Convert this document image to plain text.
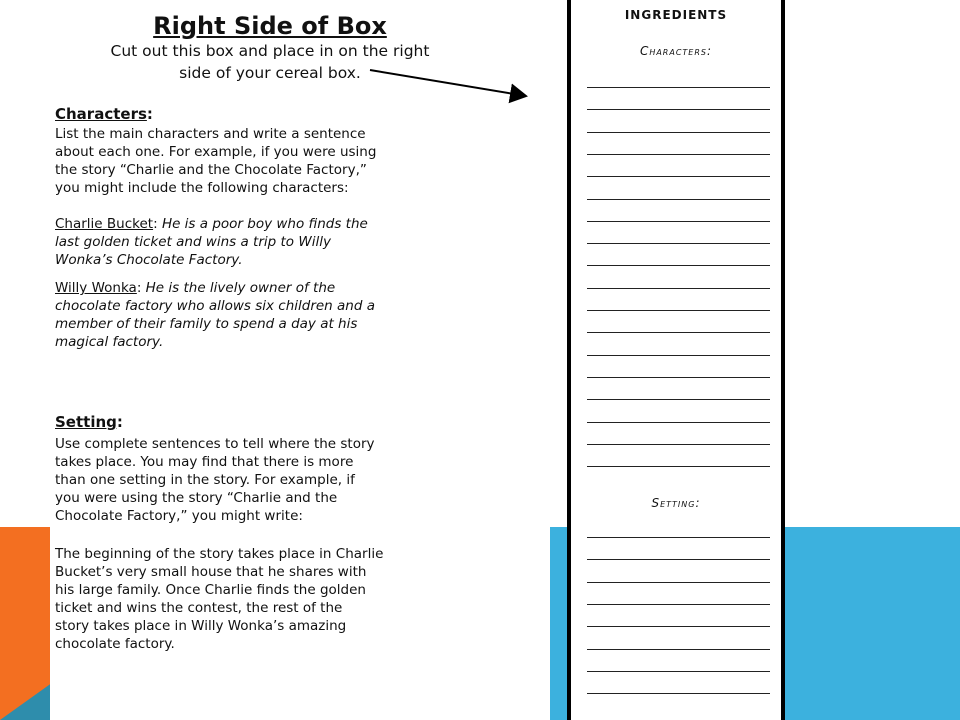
Right Side of Box
Cut out this box and place in on the right
side of your cereal box.
Characters:
List the main characters and write a sentence
about each one. For example, if you were using
the story “Charlie and the Chocolate Factory,”
you might include the following characters:
Charlie Bucket: He is a poor boy who finds the
last golden ticket and wins a trip to Willy
Wonka’s Chocolate Factory.
Willy Wonka: He is the lively owner of the
chocolate factory who allows six children and a
member of their family to spend a day at his
magical factory.
Setting:
Use complete sentences to tell where the story
takes place. You may find that there is more
than one setting in the story. For example, if
you were using the story “Charlie and the
Chocolate Factory,” you might write:
The beginning of the story takes place in Charlie
Bucket’s very small house that he shares with
his large family. Once Charlie finds the golden
ticket and wins the contest, the rest of the
story takes place in Willy Wonka’s amazing
chocolate factory.
INGREDIENTS
Characters:
Setting:
